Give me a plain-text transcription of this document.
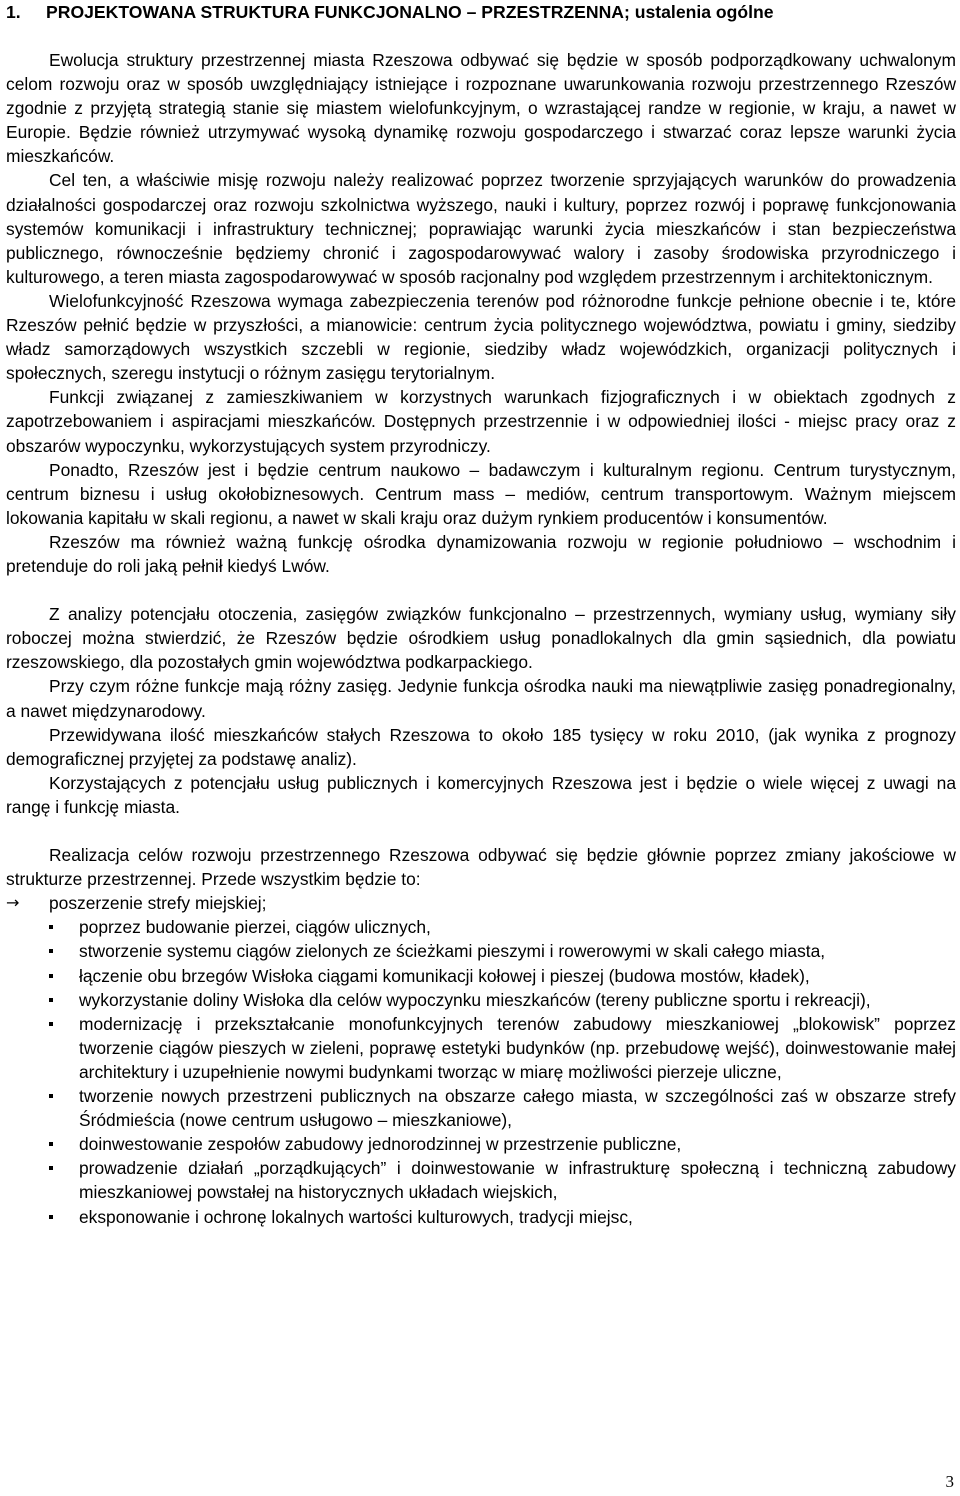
1. PROJEKTOWANA STRUKTURA FUNKCJONALNO – PRZESTRZENNA; ustalenia ogólne

Ewolucja struktury przestrzennej miasta Rzeszowa odbywać się będzie w sposób podporządkowany uchwalonym celom rozwoju oraz w sposób uwzględniający istniejące i rozpoznane uwarunkowania rozwoju przestrzennego Rzeszów zgodnie z przyjętą strategią stanie się miastem wielofunkcyjnym, o wzrastającej randze w regionie, w kraju, a nawet w Europie. Będzie również utrzymywać wysoką dynamikę rozwoju gospodarczego i stwarzać coraz lepsze warunki życia mieszkańców.

Cel ten, a właściwie misję rozwoju należy realizować poprzez tworzenie sprzyjających warunków do prowadzenia działalności gospodarczej oraz rozwoju szkolnictwa wyższego, nauki i kultury, poprzez rozwój i poprawę funkcjonowania systemów komunikacji i infrastruktury technicznej; poprawiając warunki życia mieszkańców i stan bezpieczeństwa publicznego, równocześnie będziemy chronić i zagospodarowywać walory i zasoby środowiska przyrodniczego i kulturowego, a teren miasta zagospodarowywać w sposób racjonalny pod względem przestrzennym i architektonicznym.

Wielofunkcyjność Rzeszowa wymaga zabezpieczenia terenów pod różnorodne funkcje pełnione obecnie i te, które Rzeszów pełnić będzie w przyszłości, a mianowicie: centrum życia politycznego województwa, powiatu i gminy, siedziby władz samorządowych wszystkich szczebli w regionie, siedziby władz wojewódzkich, organizacji politycznych i społecznych, szeregu instytucji o różnym zasięgu terytorialnym.

Funkcji związanej z zamieszkiwaniem w korzystnych warunkach fizjograficznych i w obiektach zgodnych z zapotrzebowaniem i aspiracjami mieszkańców. Dostępnych przestrzennie i w odpowiedniej ilości - miejsc pracy oraz z obszarów wypoczynku, wykorzystujących system przyrodniczy.

Ponadto, Rzeszów jest i będzie centrum naukowo – badawczym i kulturalnym regionu. Centrum turystycznym, centrum biznesu i usług okołobiznesowych. Centrum mass – mediów, centrum transportowym. Ważnym miejscem lokowania kapitału w skali regionu, a nawet w skali kraju oraz dużym rynkiem producentów i konsumentów.

Rzeszów ma również ważną funkcję ośrodka dynamizowania rozwoju w regionie południowo – wschodnim i pretenduje do roli jaką pełnił kiedyś Lwów.

Z analizy potencjału otoczenia, zasięgów związków funkcjonalno – przestrzennych, wymiany usług, wymiany siły roboczej można stwierdzić, że Rzeszów będzie ośrodkiem usług ponadlokalnych dla gmin sąsiednich, dla powiatu rzeszowskiego, dla pozostałych gmin województwa podkarpackiego.

Przy czym różne funkcje mają różny zasięg. Jedynie funkcja ośrodka nauki ma niewątpliwie zasięg ponadregionalny, a nawet międzynarodowy.

Przewidywana ilość mieszkańców stałych Rzeszowa to około 185 tysięcy w roku 2010, (jak wynika z prognozy demograficznej przyjętej za podstawę analiz).

Korzystających z potencjału usług publicznych i komercyjnych Rzeszowa jest i będzie o wiele więcej z uwagi na rangę i funkcję miasta.

Realizacja celów rozwoju przestrzennego Rzeszowa odbywać się będzie głównie poprzez zmiany jakościowe w strukturze przestrzennej. Przede wszystkim będzie to:

→ poszerzenie strefy miejskiej;
poprzez budowanie pierzei, ciągów ulicznych,
stworzenie systemu ciągów zielonych ze ścieżkami pieszymi i rowerowymi w skali całego miasta,
łączenie obu brzegów Wisłoka ciągami komunikacji kołowej i pieszej (budowa mostów, kładek),
wykorzystanie doliny Wisłoka dla celów wypoczynku mieszkańców (tereny publiczne sportu i rekreacji),
modernizację i przekształcanie monofunkcyjnych terenów zabudowy mieszkaniowej „blokowisk” poprzez tworzenie ciągów pieszych w zieleni, poprawę estetyki budynków (np. przebudowę wejść), doinwestowanie małej architektury i uzupełnienie nowymi budynkami tworząc w miarę możliwości pierzeje uliczne,
tworzenie nowych przestrzeni publicznych na obszarze całego miasta, w szczególności zaś w obszarze strefy Śródmieścia (nowe centrum usługowo – mieszkaniowe),
doinwestowanie zespołów zabudowy jednorodzinnej w przestrzenie publiczne,
prowadzenie działań „porządkujących” i doinwestowanie w infrastrukturę społeczną i techniczną zabudowy mieszkaniowej powstałej na historycznych układach wiejskich,
eksponowanie i ochronę lokalnych wartości kulturowych, tradycji miejsc,
3
